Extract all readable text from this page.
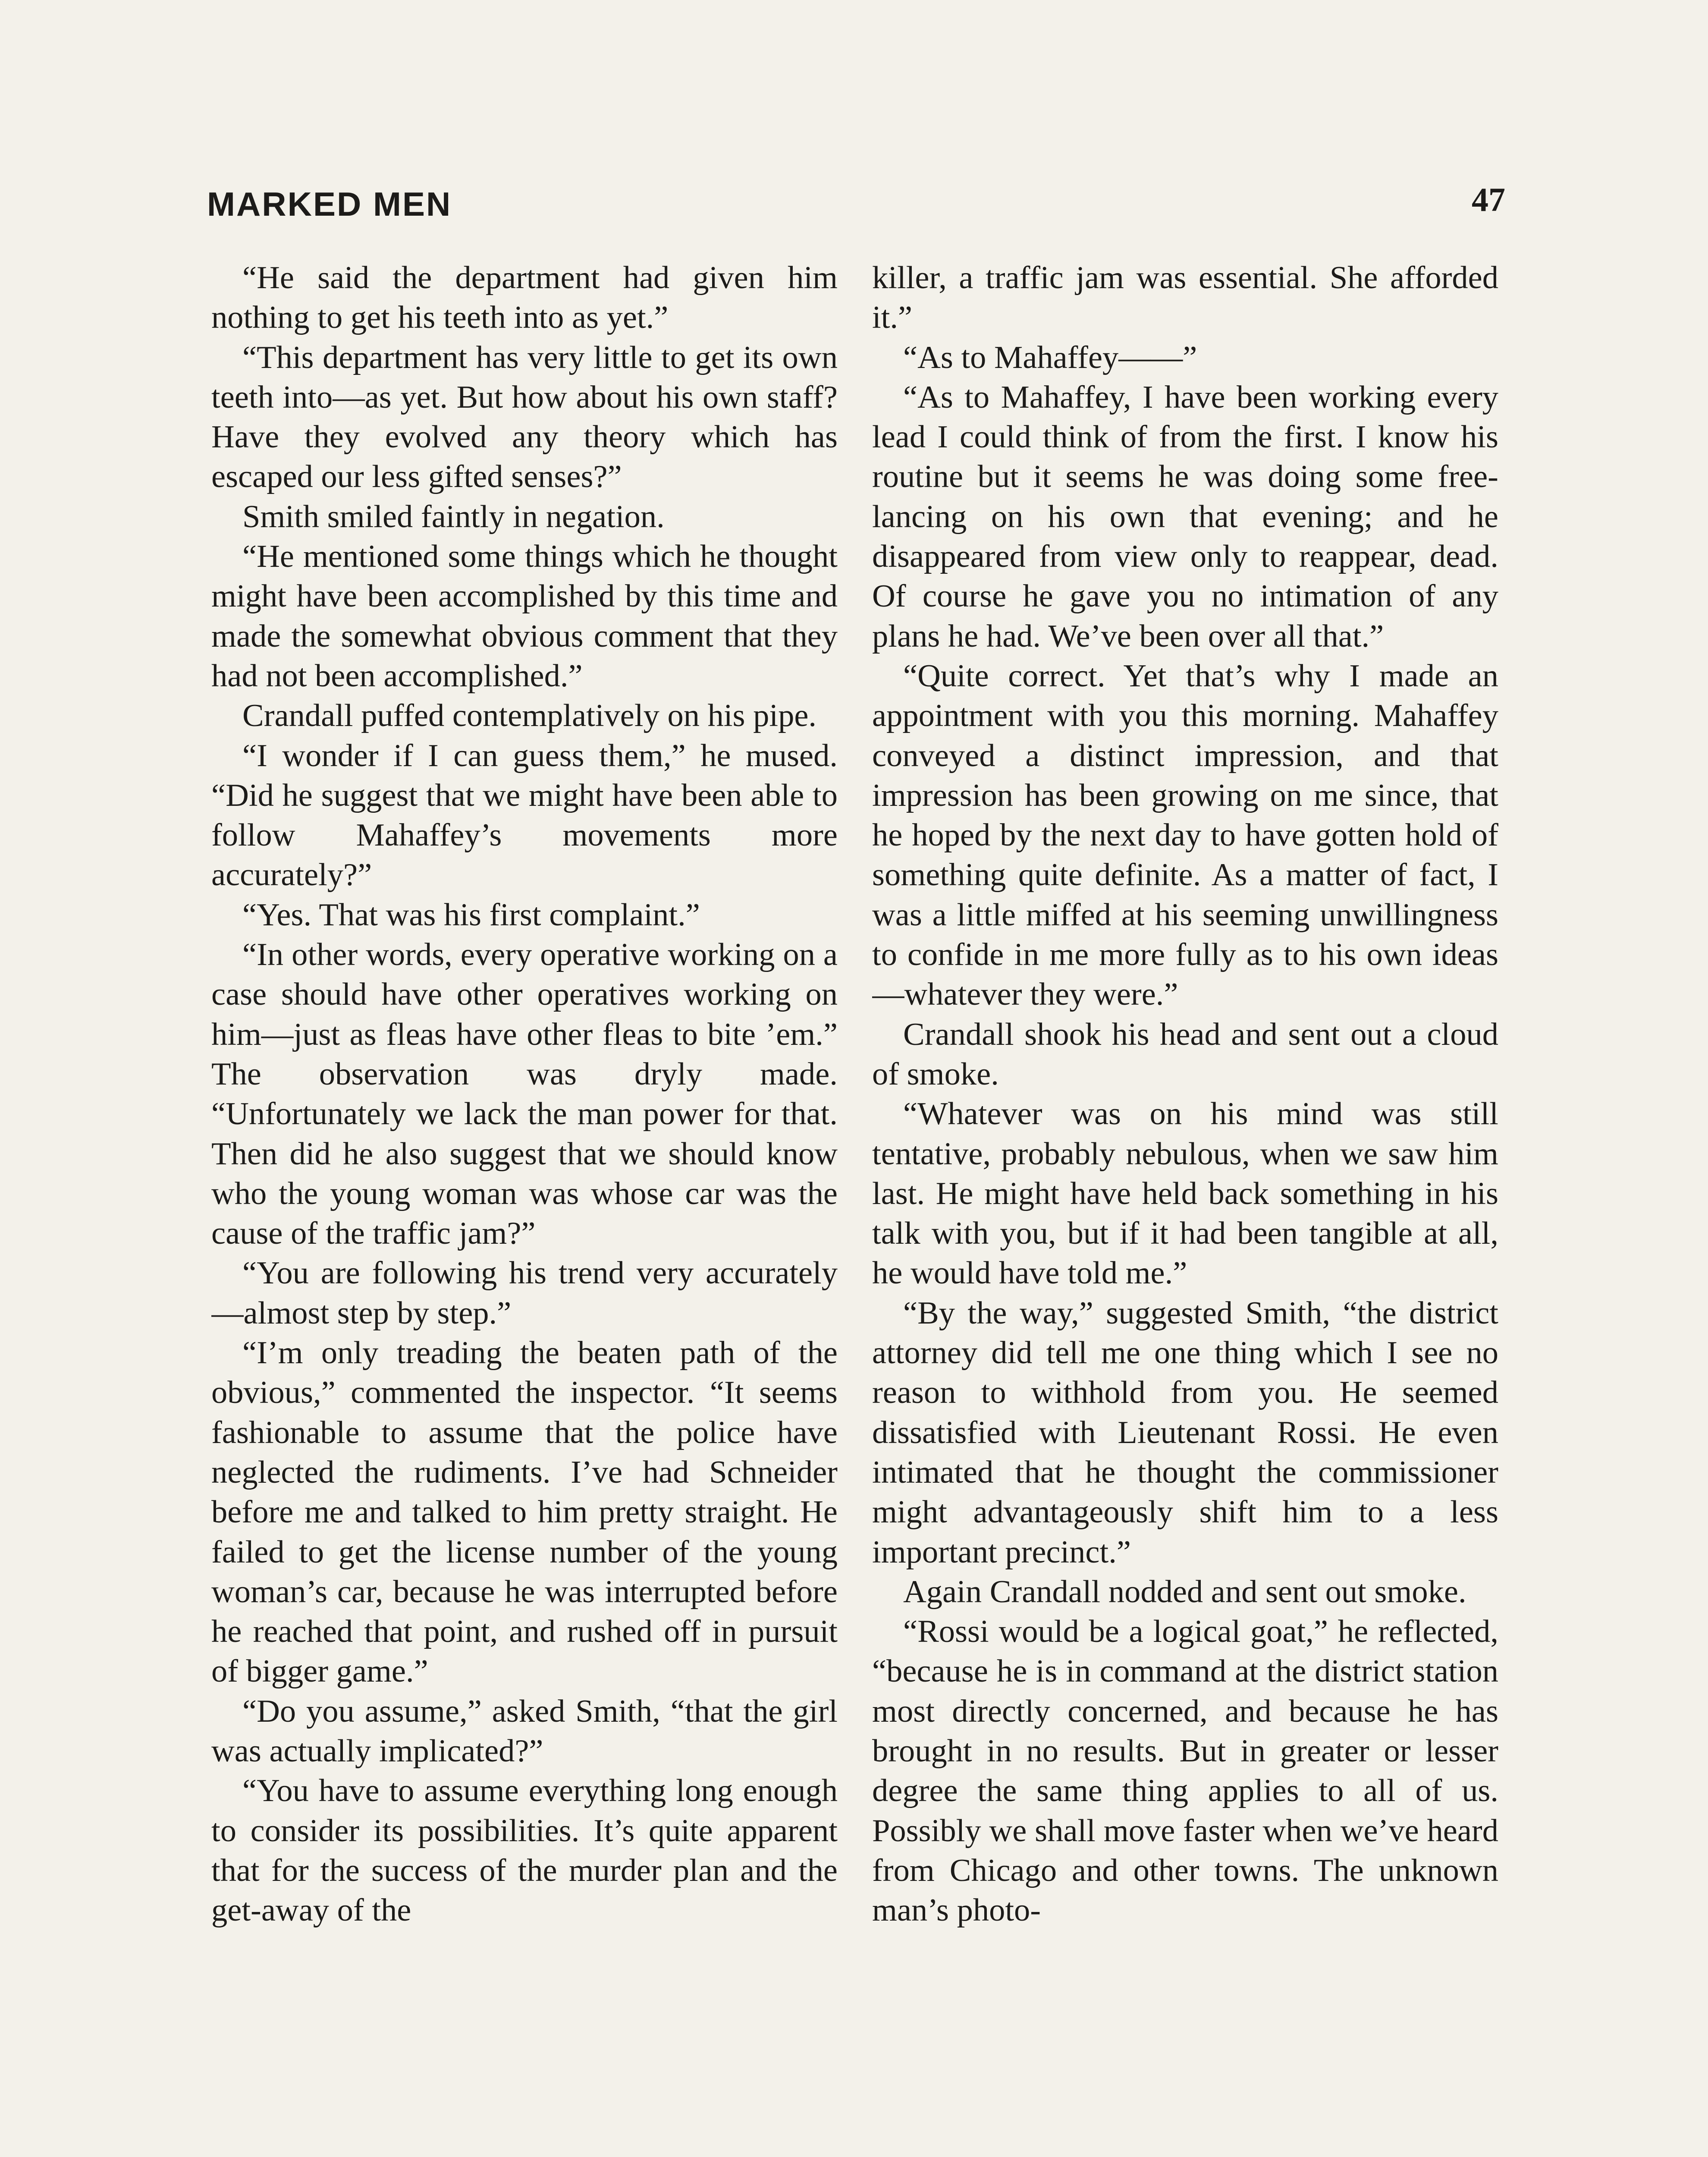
MARKED MEN	47

“He said the department had given him nothing to get his teeth into as yet.”

“This department has very little to get its own teeth into—as yet. But how about his own staff? Have they evolved any theory which has escaped our less gifted senses?”

Smith smiled faintly in negation.

“He mentioned some things which he thought might have been accomplished by this time and made the somewhat obvious comment that they had not been accomplished.”

Crandall puffed contemplatively on his pipe.

“I wonder if I can guess them,” he mused. “Did he suggest that we might have been able to follow Mahaffey’s movements more accurately?”

“Yes. That was his first complaint.”

“In other words, every operative working on a case should have other operatives working on him—just as fleas have other fleas to bite ’em.” The observation was dryly made. “Unfortunately we lack the man power for that. Then did he also suggest that we should know who the young woman was whose car was the cause of the traffic jam?”

“You are following his trend very accurately—almost step by step.”

“I’m only treading the beaten path of the obvious,” commented the inspector. “It seems fashionable to assume that the police have neglected the rudiments. I’ve had Schneider before me and talked to him pretty straight. He failed to get the license number of the young woman’s car, because he was interrupted before he reached that point, and rushed off in pursuit of bigger game.”

“Do you assume,” asked Smith, “that the girl was actually implicated?”

“You have to assume everything long enough to consider its possibilities. It’s quite apparent that for the success of the murder plan and the get-away of the

killer, a traffic jam was essential. She afforded it.”

“As to Mahaffey——”

“As to Mahaffey, I have been working every lead I could think of from the first. I know his routine but it seems he was doing some free-lancing on his own that evening; and he disappeared from view only to reappear, dead. Of course he gave you no intimation of any plans he had. We’ve been over all that.”

“Quite correct. Yet that’s why I made an appointment with you this morning. Mahaffey conveyed a distinct impression, and that impression has been growing on me since, that he hoped by the next day to have gotten hold of something quite definite. As a matter of fact, I was a little miffed at his seeming unwillingness to confide in me more fully as to his own ideas—whatever they were.”

Crandall shook his head and sent out a cloud of smoke.

“Whatever was on his mind was still tentative, probably nebulous, when we saw him last. He might have held back something in his talk with you, but if it had been tangible at all, he would have told me.”

“By the way,” suggested Smith, “the district attorney did tell me one thing which I see no reason to withhold from you. He seemed dissatisfied with Lieutenant Rossi. He even intimated that he thought the commissioner might advantageously shift him to a less important precinct.”

Again Crandall nodded and sent out smoke.

“Rossi would be a logical goat,” he reflected, “because he is in command at the district station most directly concerned, and because he has brought in no results. But in greater or lesser degree the same thing applies to all of us. Possibly we shall move faster when we’ve heard from Chicago and other towns. The unknown man’s photo-
